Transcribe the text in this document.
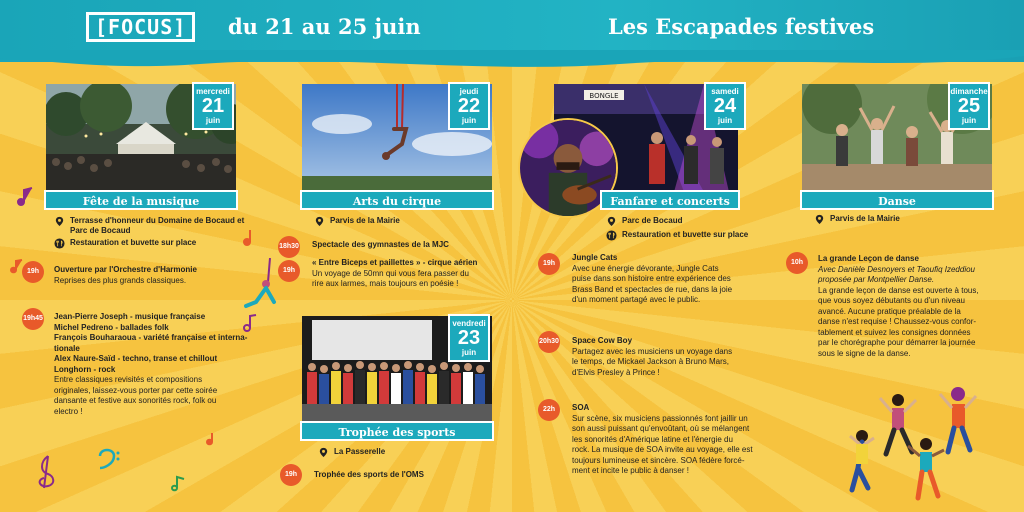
[FOCUS]	du 21 au 25 juin	Les Escapades festives
mercredi
21
juin
Fête de la musique
Terrasse d'honneur du Domaine de Bocaud et
Parc de Bocaud
Restauration et buvette sur place
19h	Ouverture par l'Orchestre d'Harmonie
Reprises des plus grands classiques.
19h45 Jean-Pierre Joseph - musique française
Michel Pedreno - ballades folk
François Bouharaoua - variété française et interna-
tionale
Alex Naure-Saïd - techno, transe et chillout
Longhorn - rock
Entre classiques revisités et compositions
originales, laissez-vous porter par cette soirée
dansante et festive aux sonorités rock, folk ou
electro !
jeudi
22
juin
Arts du cirque
Parvis de la Mairie
18h30 Spectacle des gymnastes de la MJC
19h
« Entre Biceps et paillettes » - cirque aérien
Un voyage de 50mn qui vous fera passer du
rire aux larmes, mais toujours en poésie !
vendredi
23
juin
Trophée des sports
La Passerelle
19h	Trophée des sports de l'OMS
BONGLE	samedi
24
juin
Fanfare et concerts
Parc de Bocaud
Restauration et buvette sur place
19h
Jungle Cats
Avec une énergie dévorante, Jungle Cats
puise dans son histoire entre expérience des
Brass Band et spectacles de rue, dans la joie
d'un moment partagé avec le public.
20h30 Space Cow Boy
Partagez avec les musiciens un voyage dans
le temps, de Mickael Jackson à Bruno Mars,
d'Elvis Presley à Prince !
22h	SOA
Sur scène, six musiciens passionnés font jaillir un
son aussi puissant qu'envoûtant, où se mélangent
les sonorités d'Amérique latine et l'énergie du
rock. La musique de SOA invite au voyage, elle est
toujours lumineuse et sincère. SOA fédère forcé-
ment et incite le public à danser !
dimanche
25
juin
Danse
Parvis de la Mairie
10h	La grande Leçon de danse
Avec Danièle Desnoyers et Taoufiq Izeddiou
proposée par Montpellier Danse.
La grande leçon de danse est ouverte à tous,
que vous soyez débutants ou d'un niveau
avancé. Aucune pratique préalable de la
danse n'est requise ! Chaussez-vous confor-
tablement et suivez les consignes données
par le chorégraphe pour démarrer la journée
sous le signe de la danse.
